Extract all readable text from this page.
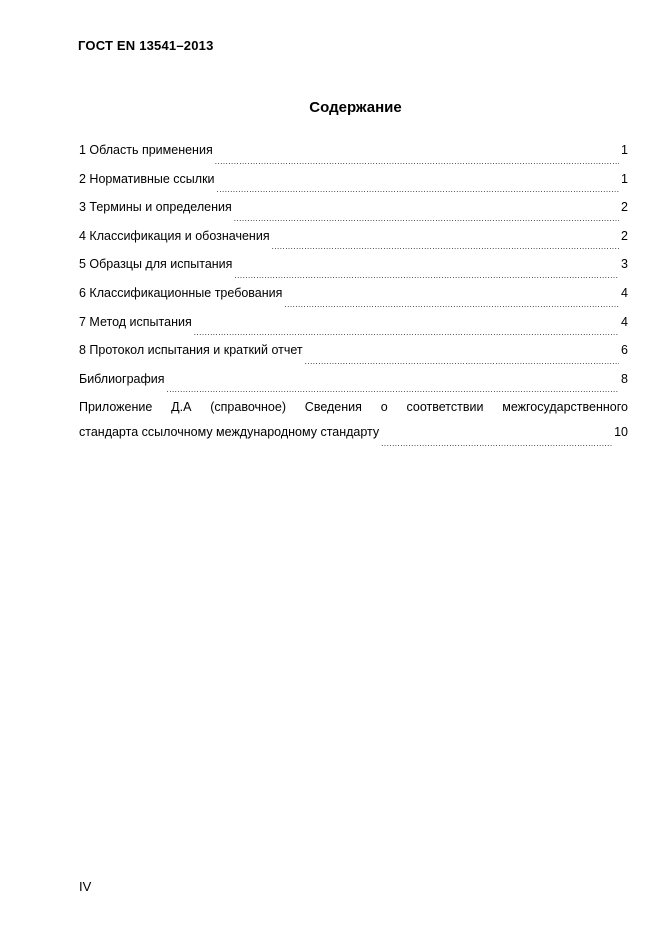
ГОСТ EN 13541–2013
Содержание
1 Область применения
.....	1
2 Нормативные ссылки
.....	1
3 Термины и определения
.....	2
4 Классификация и обозначения
.....	2
5 Образцы для испытания
.....	3
6 Классификационные требования
.....	4
7 Метод испытания
.....	4
8 Протокол испытания и краткий отчет
.....	6
Библиография
.....	8
Приложение Д.А (справочное) Сведения о соответствии межгосударственного
стандарта ссылочному международному стандарту
.....	10
IV
